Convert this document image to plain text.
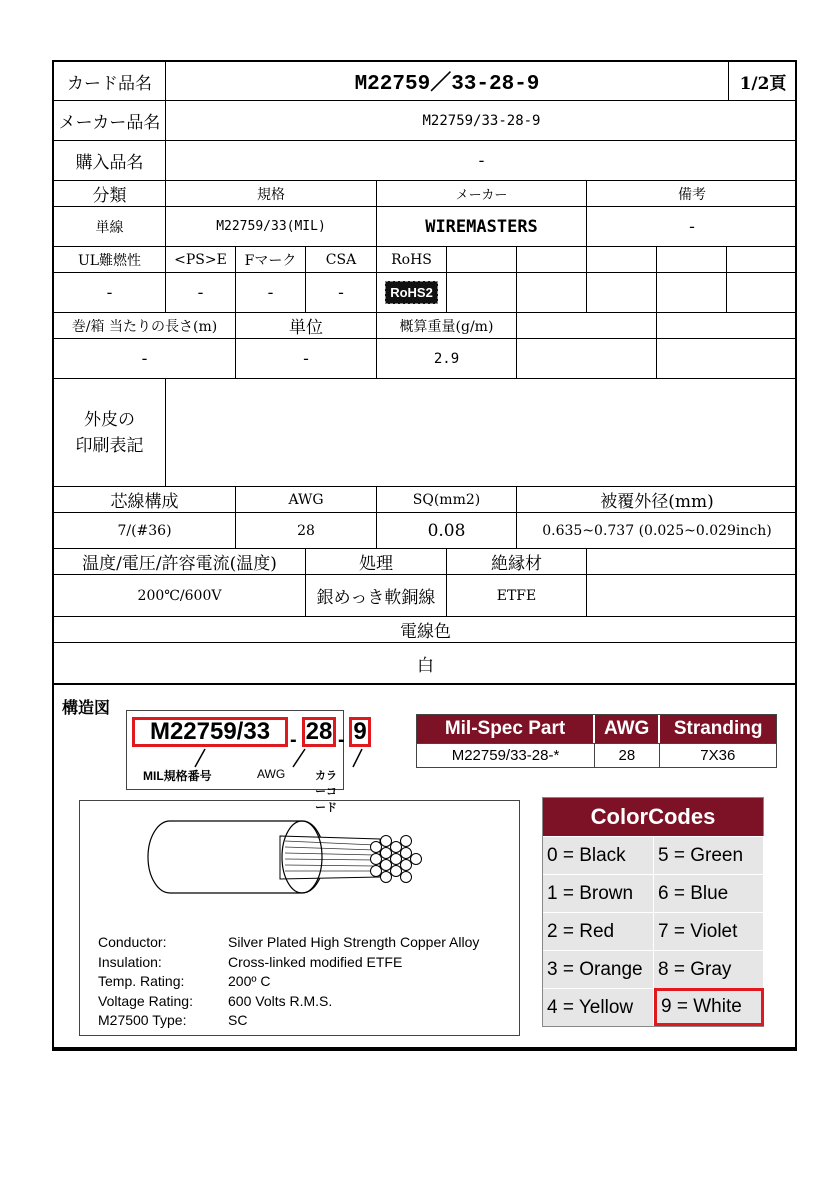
カード品名	M22759／33-28-9	1/2頁
メーカー品名	M22759/33-28-9
購入品名	-
分類	規格	メーカー	備考
単線	M22759/33(MIL)	WIREMASTERS	-
UL難燃性	<PS>E	Fマーク	CSA	RoHS
-	-	-	-	RoHS2
巻/箱 当たりの長さ(m)	単位	概算重量(g/m)
-	-	2.9
外皮の
印刷表記
芯線構成	AWG	SQ(mm2)	被覆外径(mm)
7/(#36)	28	0.08	0.635~0.737 (0.025~0.029inch)
温度/電圧/許容電流(温度)	処理	絶縁材
200℃/600V	銀めっき軟銅線	ETFE
電線色
白
構造図
M22759/33 - 28 - 9
MIL規格番号	AWG	カラーコード
Mil-Spec Part	AWG	Stranding
M22759/33-28-*	28	7X36
Conductor:	Silver Plated High Strength Copper Alloy
Insulation:	Cross-linked modified ETFE
Temp. Rating:	200º C
Voltage Rating:	600 Volts R.M.S.
M27500 Type:	SC
ColorCodes
0 = Black	5 = Green
1 = Brown	6 = Blue
2 = Red	7 = Violet
3 = Orange 8 = Gray
4 = Yellow	9 = White
